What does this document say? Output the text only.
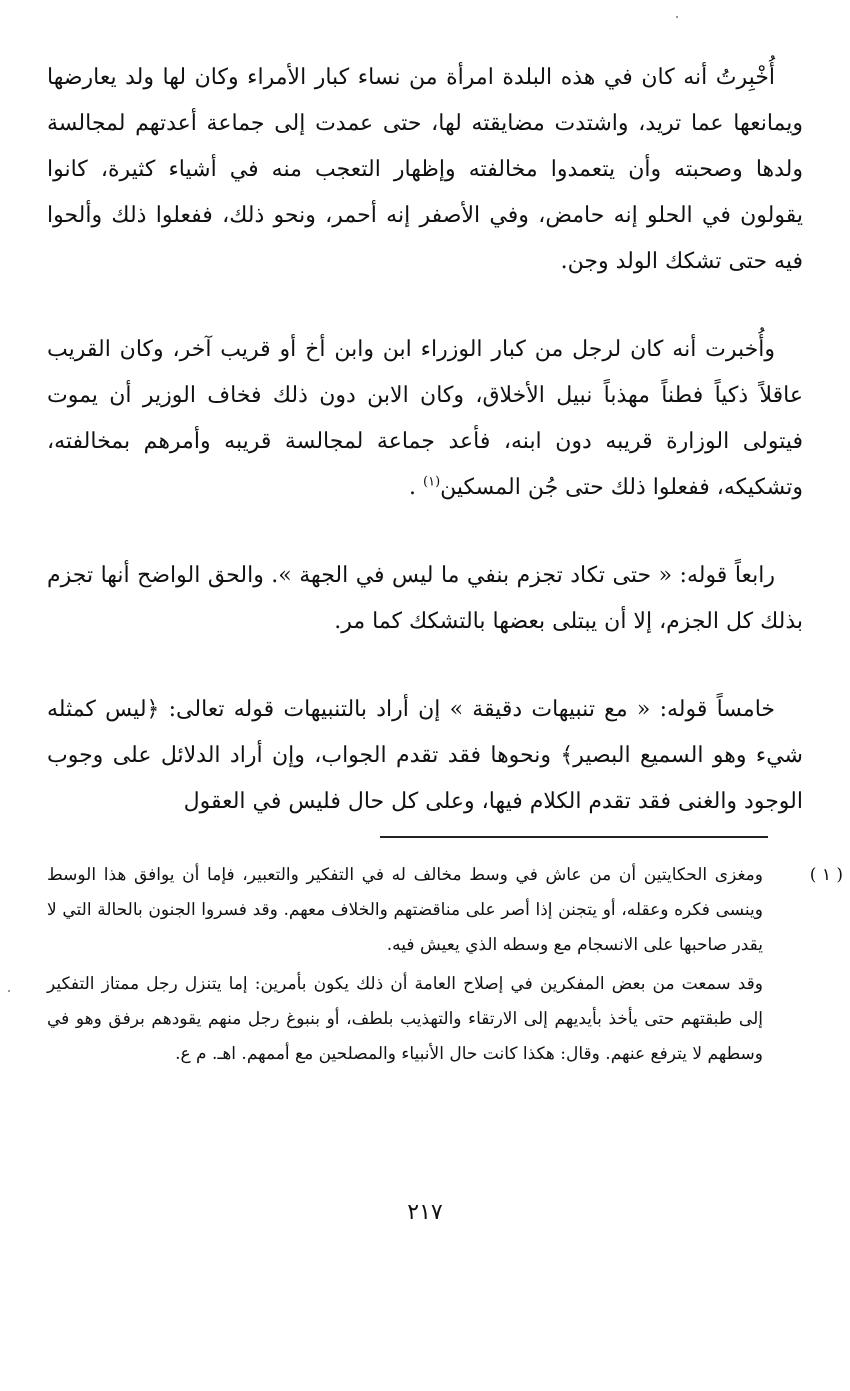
أُخْبِرتُ أنه كان في هذه البلدة امرأة من نساء كبار الأمراء وكان لها ولد يعارضها ويمانعها عما تريد، واشتدت مضايقته لها، حتى عمدت إلى جماعة أعدتهم لمجالسة ولدها وصحبته وأن يتعمدوا مخالفته وإظهار التعجب منه في أشياء كثيرة، كانوا يقولون في الحلو إنه حامض، وفي الأصفر إنه أحمر، ونحو ذلك، ففعلوا ذلك وألحوا فيه حتى تشكك الولد وجن.

وأُخبرت أنه كان لرجل من كبار الوزراء ابن وابن أخ أو قريب آخر، وكان القريب عاقلاً ذكياً فطناً مهذباً نبيل الأخلاق، وكان الابن دون ذلك فخاف الوزير أن يموت فيتولى الوزارة قريبه دون ابنه، فأعد جماعة لمجالسة قريبه وأمرهم بمخالفته، وتشكيكه، ففعلوا ذلك حتى جُن المسكين$^{(١)}$ .

رابعاً قوله: « حتى تكاد تجزم بنفي ما ليس في الجهة ». والحق الواضح أنها تجزم بذلك كل الجزم، إلا أن يبتلى بعضها بالتشكك كما مر.

خامساً قوله: « مع تنبيهات دقيقة » إن أراد بالتنبيهات قوله تعالى: ﴿ليس كمثله شيء وهو السميع البصير﴾ ونحوها فقد تقدم الجواب، وإن أراد الدلائل على وجوب الوجود والغنى فقد تقدم الكلام فيها، وعلى كل حال فليس في العقول

( ١ )ومغزى الحكايتين أن من عاش في وسط مخالف له في التفكير والتعبير، فإما أن يوافق هذا الوسط وينسى فكره وعقله، أو يتجنن إذا أصر على مناقضتهم والخلاف معهم. وقد فسروا الجنون بالحالة التي لا يقدر صاحبها على الانسجام مع وسطه الذي يعيش فيه.

وقد سمعت من بعض المفكرين في إصلاح العامة أن ذلك يكون بأمرين: إما يتنزل رجل ممتاز التفكير إلى طبقتهم حتى يأخذ بأيديهم إلى الارتقاء والتهذيب بلطف، أو بنبوغ رجل منهم يقودهم برفق وهو في وسطهم لا يترفع عنهم. وقال: هكذا كانت حال الأنبياء والمصلحين مع أممهم. اهـ. م ع.

٢١٧
